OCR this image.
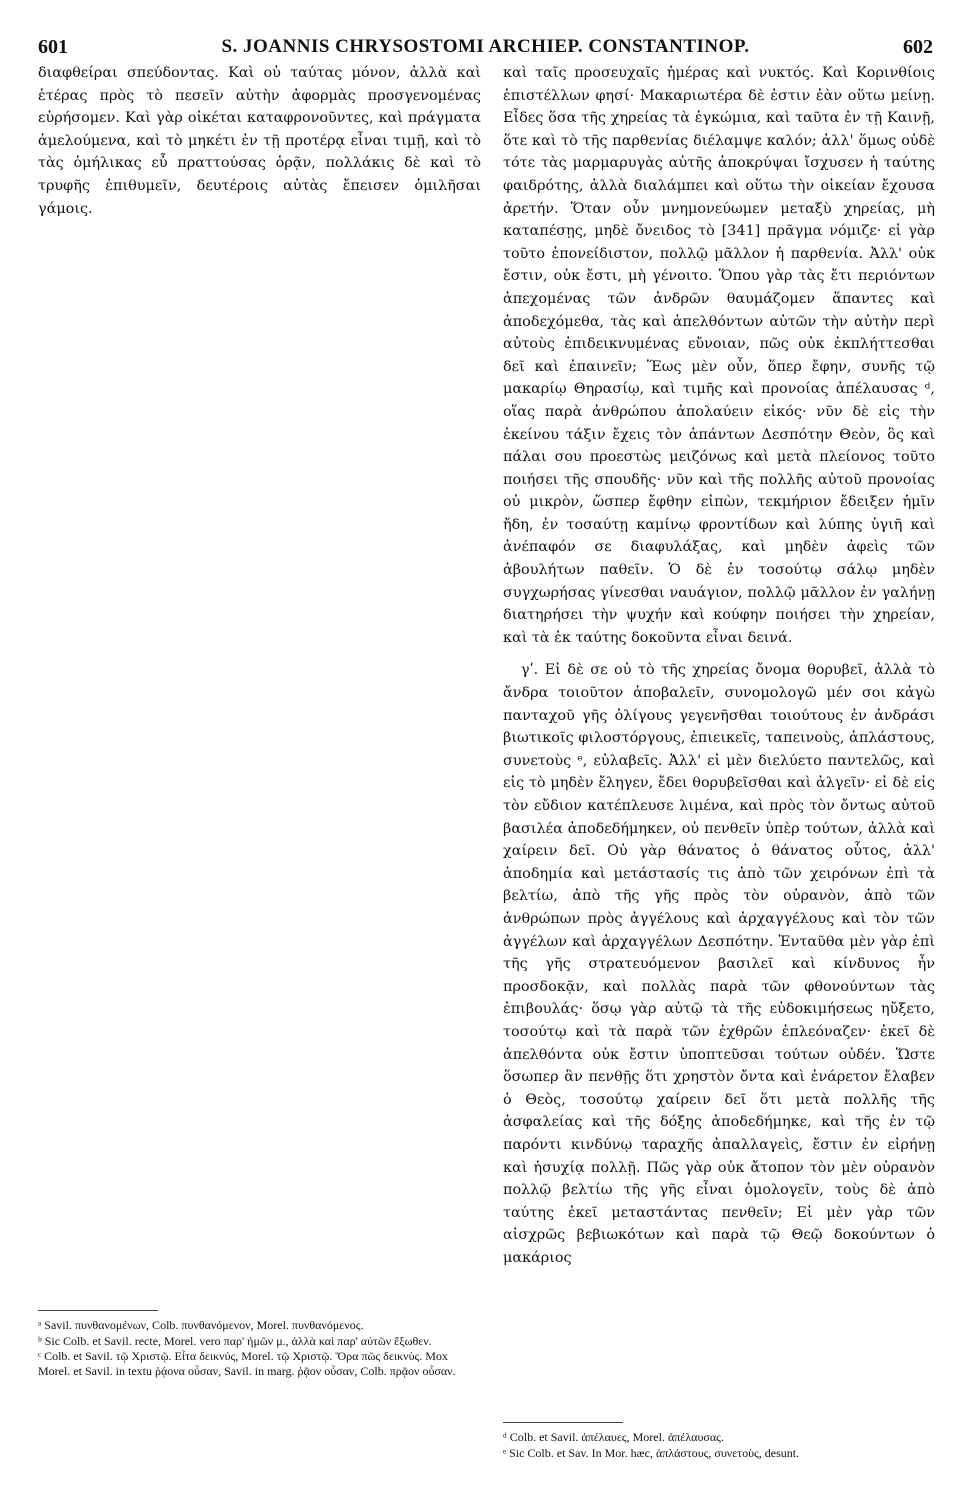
601	S. JOANNIS CHRYSOSTOMI ARCHIEP. CONSTANTINOP.	602

διαφθείραι σπεύδοντας. Καὶ οὐ ταύτας μόνον, ἀλλὰ καὶ ἑτέρας πρὸς τὸ πεσεῖν αὐτὴν ἀφορμὰς προσγενομένας εὑρήσομεν. Καὶ γὰρ οἰκέται καταφρονοῦντες, καὶ πράγματα ἀμελούμενα, καὶ τὸ μηκέτι ἐν τῇ προτέρᾳ εἶναι τιμῇ, καὶ τὸ τὰς ὁμήλικας εὖ πραττούσας ὁρᾷν, πολλάκις δὲ καὶ τὸ τρυφῆς ἐπιθυμεῖν, δευτέροις αὐτὰς ἔπεισεν ὁμιλῆσαι γάμοις.

καὶ ταῖς προσευχαῖς ἡμέρας καὶ νυκτός. Καὶ Κορινθίοις ἐπιστέλλων φησί· Μακαριωτέρα δὲ ἐστιν ἐὰν οὕτω μείνῃ. Εἶδες ὅσα τῆς χηρείας τὰ ἐγκώμια, καὶ ταῦτα ἐν τῇ Καινῇ, ὅτε καὶ τὸ τῆς παρθενίας διέλαμψε καλόν; ἀλλ' ὅμως οὐδὲ τότε τὰς μαρμαρυγὰς αὐτῆς ἀποκρύψαι ἴσχυσεν ἡ ταύτης φαιδρότης, ἀλλὰ διαλάμπει καὶ οὕτω τὴν οἰκείαν ἔχουσα ἀρετήν. Ὅταν οὖν μνημονεύωμεν μεταξὺ χηρείας, μὴ καταπέσῃς, μηδὲ ὄνειδος τὸ [341] πρᾶγμα νόμιζε· εἰ γὰρ τοῦτο ἐπονείδιστον, πολλῷ μᾶλλον ἡ παρθενία. Ἀλλ' οὐκ ἔστιν, οὐκ ἔστι, μὴ γένοιτο. Ὅπου γὰρ τὰς ἔτι περιόντων ἀπεχομένας τῶν ἀνδρῶν θαυμάζομεν ἅπαντες καὶ ἀποδεχόμεθα, τὰς καὶ ἀπελθόντων αὐτῶν τὴν αὐτὴν περὶ αὐτοὺς ἐπιδεικνυμένας εὔνοιαν, πῶς οὐκ ἐκπλήττεσθαι δεῖ καὶ ἐπαινεῖν; Ἕως μὲν οὖν, ὅπερ ἔφην, συνῆς τῷ μακαρίῳ Θηρασίῳ, καὶ τιμῆς καὶ προνοίας ἀπέλαυσας ᵈ, οἵας παρὰ ἀνθρώπου ἀπολαύειν εἰκός· νῦν δὲ εἰς τὴν ἐκείνου τάξιν ἔχεις τὸν ἁπάντων Δεσπότην Θεὸν, ὃς καὶ πάλαι σου προεστὼς μειζόνως καὶ μετὰ πλείονος τοῦτο ποιήσει τῆς σπουδῆς· νῦν καὶ τῆς πολλῆς αὐτοῦ προνοίας οὐ μικρὸν, ὥσπερ ἔφθην εἰπὼν, τεκμήριον ἔδειξεν ἡμῖν ἤδη, ἐν τοσαύτῃ καμίνῳ φροντίδων καὶ λύπης ὑγιῆ καὶ ἀνέπαφόν σε διαφυλάξας, καὶ μηδὲν ἀφεὶς τῶν ἀβουλήτων παθεῖν. Ὁ δὲ ἐν τοσούτῳ σάλῳ μηδὲν συγχωρήσας γίνεσθαι ναυάγιον, πολλῷ μᾶλλον ἐν γαλήνῃ διατηρήσει τὴν ψυχήν καὶ κούφην ποιήσει τὴν χηρείαν, καὶ τὰ ἐκ ταύτης δοκοῦντα εἶναι δεινά.

γʹ. Εἰ δὲ σε οὐ τὸ τῆς χηρείας ὄνομα θορυβεῖ, ἀλλὰ τὸ ἄνδρα τοιοῦτον ἀποβαλεῖν, συνομολογῶ μέν σοι κἀγὼ πανταχοῦ γῆς ὀλίγους γεγενῆσθαι τοιούτους ἐν ἀνδράσι βιωτικοῖς φιλοστόργους, ἐπιεικεῖς, ταπεινοὺς, ἀπλάστους, συνετοὺς ᵉ, εὐλαβεῖς. Ἀλλ' εἰ μὲν διελύετο παντελῶς, καὶ εἰς τὸ μηδὲν ἔληγεν, ἔδει θορυβεῖσθαι καὶ ἀλγεῖν· εἰ δὲ εἰς τὸν εὔδιον κατέπλευσε λιμένα, καὶ πρὸς τὸν ὄντως αὐτοῦ βασιλέα ἀποδεδήμηκεν, οὐ πενθεῖν ὑπὲρ τούτων, ἀλλὰ καὶ χαίρειν δεῖ. Οὐ γὰρ θάνατος ὁ θάνατος οὗτος, ἀλλ' ἀποδημία καὶ μετάστασίς τις ἀπὸ τῶν χειρόνων ἐπὶ τὰ βελτίω, ἀπὸ τῆς γῆς πρὸς τὸν οὐρανὸν, ἀπὸ τῶν ἀνθρώπων πρὸς ἀγγέλους καὶ ἀρχαγγέλους καὶ τὸν τῶν ἀγγέλων καὶ ἀρχαγγέλων Δεσπότην. Ἐνταῦθα μὲν γὰρ ἐπὶ τῆς γῆς στρατευόμενον βασιλεῖ καὶ κίνδυνος ἦν προσδοκᾷν, καὶ πολλὰς παρὰ τῶν φθονούντων τὰς ἐπιβουλάς· ὅσῳ γὰρ αὐτῷ τὰ τῆς εὐδοκιμήσεως ηὔξετο, τοσούτῳ καὶ τὰ παρὰ τῶν ἐχθρῶν ἐπλεόναζεν· ἐκεῖ δὲ ἀπελθόντα οὐκ ἔστιν ὑποπτεῦσαι τούτων οὐδέν. Ὥστε ὅσωπερ ἂν πενθῇς ὅτι χρηστὸν ὄντα καὶ ἐνάρετον ἔλαβεν ὁ Θεὸς, τοσούτῳ χαίρειν δεῖ ὅτι μετὰ πολλῆς τῆς ἀσφαλείας καὶ τῆς δόξης ἀποδεδήμηκε, καὶ τῆς ἐν τῷ παρόντι κινδύνῳ ταραχῆς ἀπαλλαγεὶς, ἔστιν ἐν εἰρήνῃ καὶ ἡσυχίᾳ πολλῇ. Πῶς γὰρ οὐκ ἄτοπον τὸν μὲν οὐρανὸν πολλῷ βελτίω τῆς γῆς εἶναι ὁμολογεῖν, τοὺς δὲ ἀπὸ ταύτης ἐκεῖ μεταστάντας πενθεῖν; Εἰ μὲν γὰρ τῶν αἰσχρῶς βεβιωκότων καὶ παρὰ τῷ Θεῷ δοκούντων ὁ μακάριος

ᵃ Savil. πυνθανομένων, Colb. πυνθανόμενον, Morel. πυνθανόμενος.

ᵇ Sic Colb. et Savil. recte, Morel. vero παρ' ἡμῶν μ., ἀλλὰ καὶ παρ' αὐτῶν ἔξωθεν.

ᶜ Colb. et Savil. τῷ Χριστῷ. Εἶτα δεικνύς, Morel. τῷ Χριστῷ. Ὅρα πῶς δεικνὺς. Mox Morel. et Savil. in textu ῥᾴονα οὖσαν, Savil. in marg. ῥᾷον οὖσαν, Colb. πρᾷον οὖσαν.

ᵈ Colb. et Savil. ἀπέλαυες, Morel. ἀπέλαυσας.

ᵉ Sic Colb. et Sav. In Mor. hæc, ἀπλάστους, συνετοὺς, desunt.
